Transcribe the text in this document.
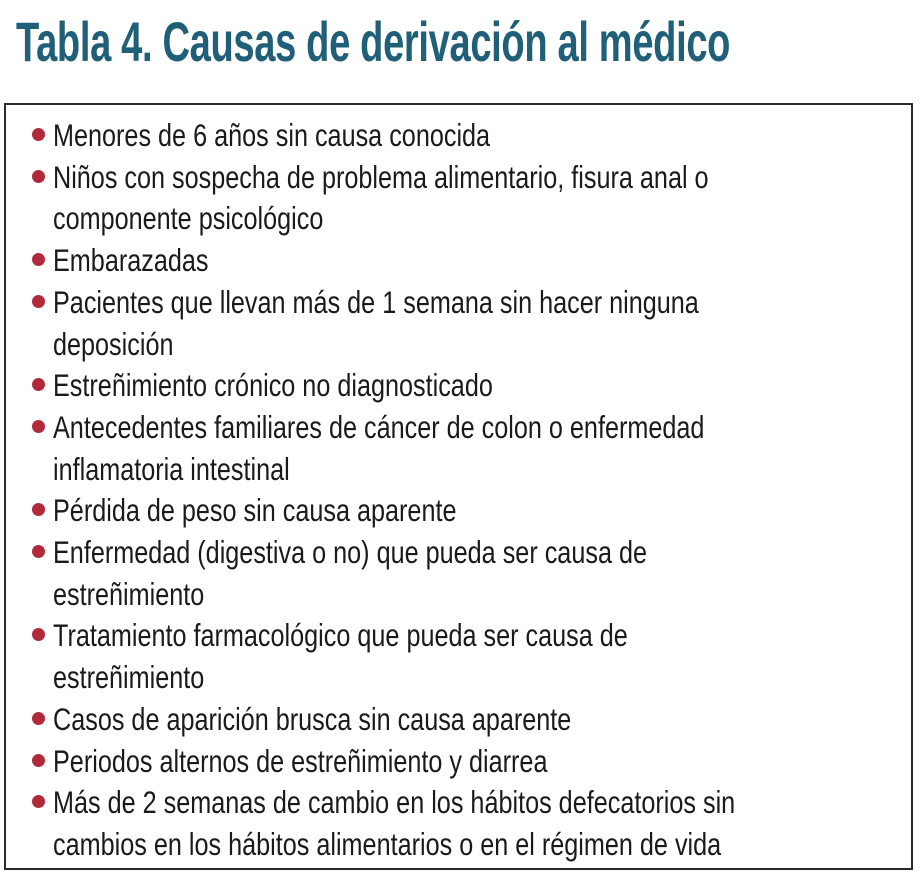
Tabla 4. Causas de derivación al médico
Menores de 6 años sin causa conocida
Niños con sospecha de problema alimentario, fisura anal o
componente psicológico
Embarazadas
Pacientes que llevan más de 1 semana sin hacer ninguna
deposición
Estreñimiento crónico no diagnosticado
Antecedentes familiares de cáncer de colon o enfermedad
inflamatoria intestinal
Pérdida de peso sin causa aparente
Enfermedad (digestiva o no) que pueda ser causa de
estreñimiento
Tratamiento farmacológico que pueda ser causa de
estreñimiento
Casos de aparición brusca sin causa aparente
Periodos alternos de estreñimiento y diarrea
Más de 2 semanas de cambio en los hábitos defecatorios sin
cambios en los hábitos alimentarios o en el régimen de vida
